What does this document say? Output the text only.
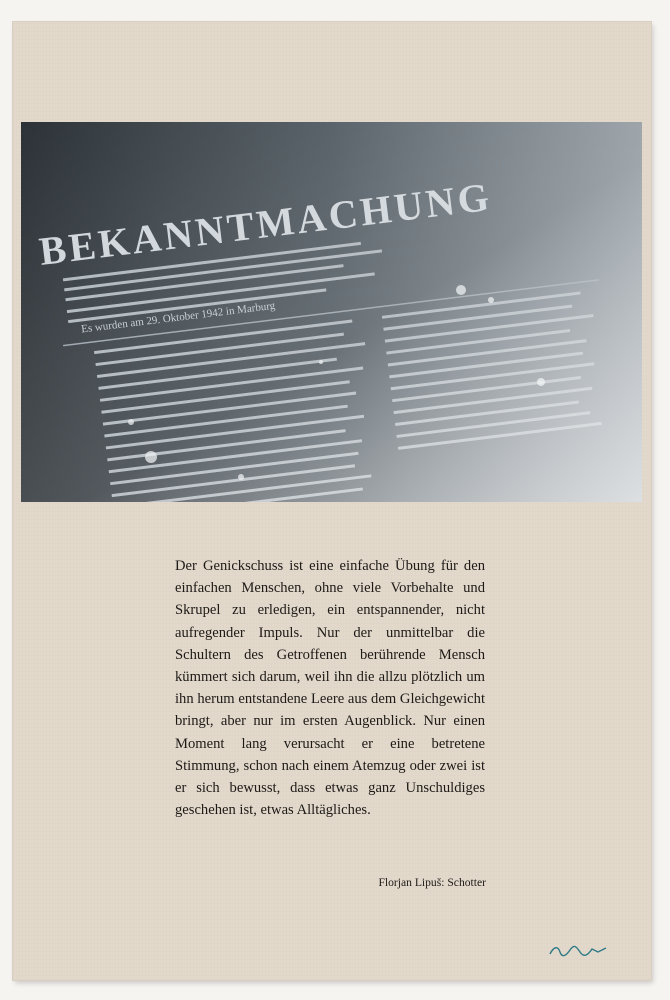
Der Genickschuss ist eine einfache Übung für den einfachen Menschen, ohne viele Vorbehalte und Skrupel zu erledigen, ein entspannender, nicht aufregender Impuls. Nur der unmittelbar die Schultern des Getroffenen berührende Mensch kümmert sich darum, weil ihn die allzu plötzlich um ihn herum entstandene Leere aus dem Gleichgewicht bringt, aber nur im ersten Augenblick. Nur einen Moment lang verursacht er eine betretene Stimmung, schon nach einem Atemzug oder zwei ist er sich bewusst, dass etwas ganz Unschuldiges geschehen ist, etwas Alltägliches.

Florjan Lipuš: Schotter
